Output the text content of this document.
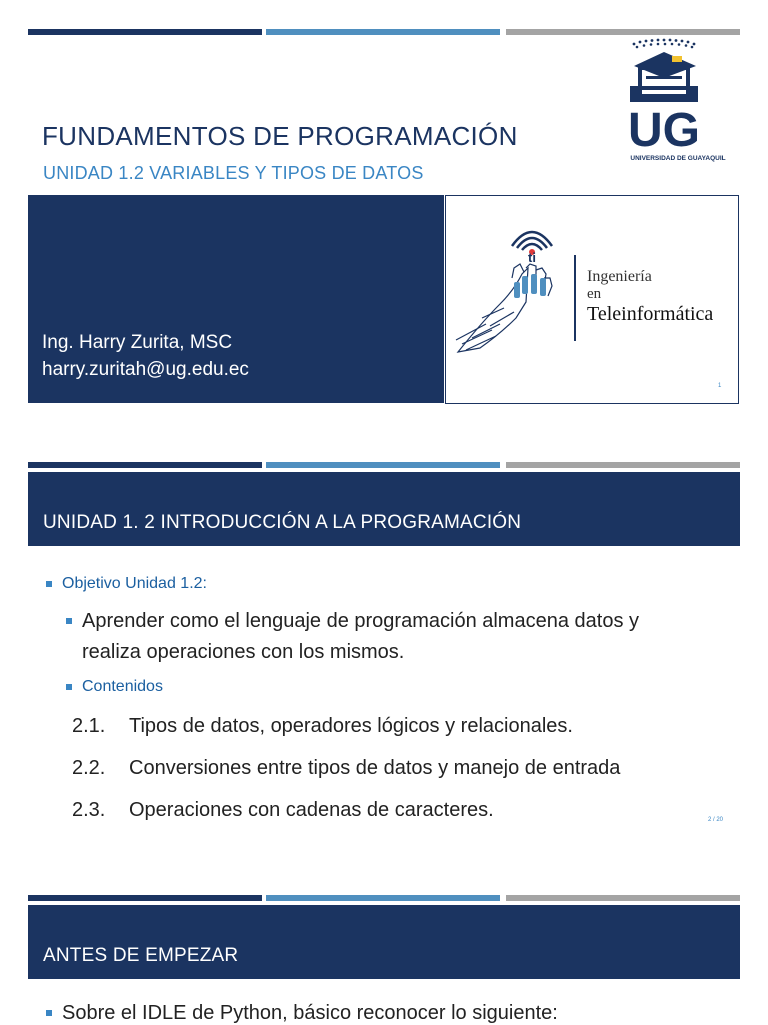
UG
UNIVERSIDAD DE GUAYAQUIL
FUNDAMENTOS DE PROGRAMACIÓN
UNIDAD 1.2 VARIABLES Y TIPOS DE DATOS
Ing. Harry Zurita, MSC
harry.zuritah@ug.edu.ec
ti
Ingeniería
en
Teleinformática
1
UNIDAD 1. 2 INTRODUCCIÓN A LA PROGRAMACIÓN
Objetivo Unidad 1.2:
Aprender como el lenguaje de programación almacena datos y
realiza operaciones con los mismos.
Contenidos
2.1. Tipos de datos, operadores lógicos y relacionales.
2.2. Conversiones entre tipos de datos y manejo de entrada
2.3. Operaciones con cadenas de caracteres.	2 / 20
ANTES DE EMPEZAR
Sobre el IDLE de Python, básico reconocer lo siguiente:
